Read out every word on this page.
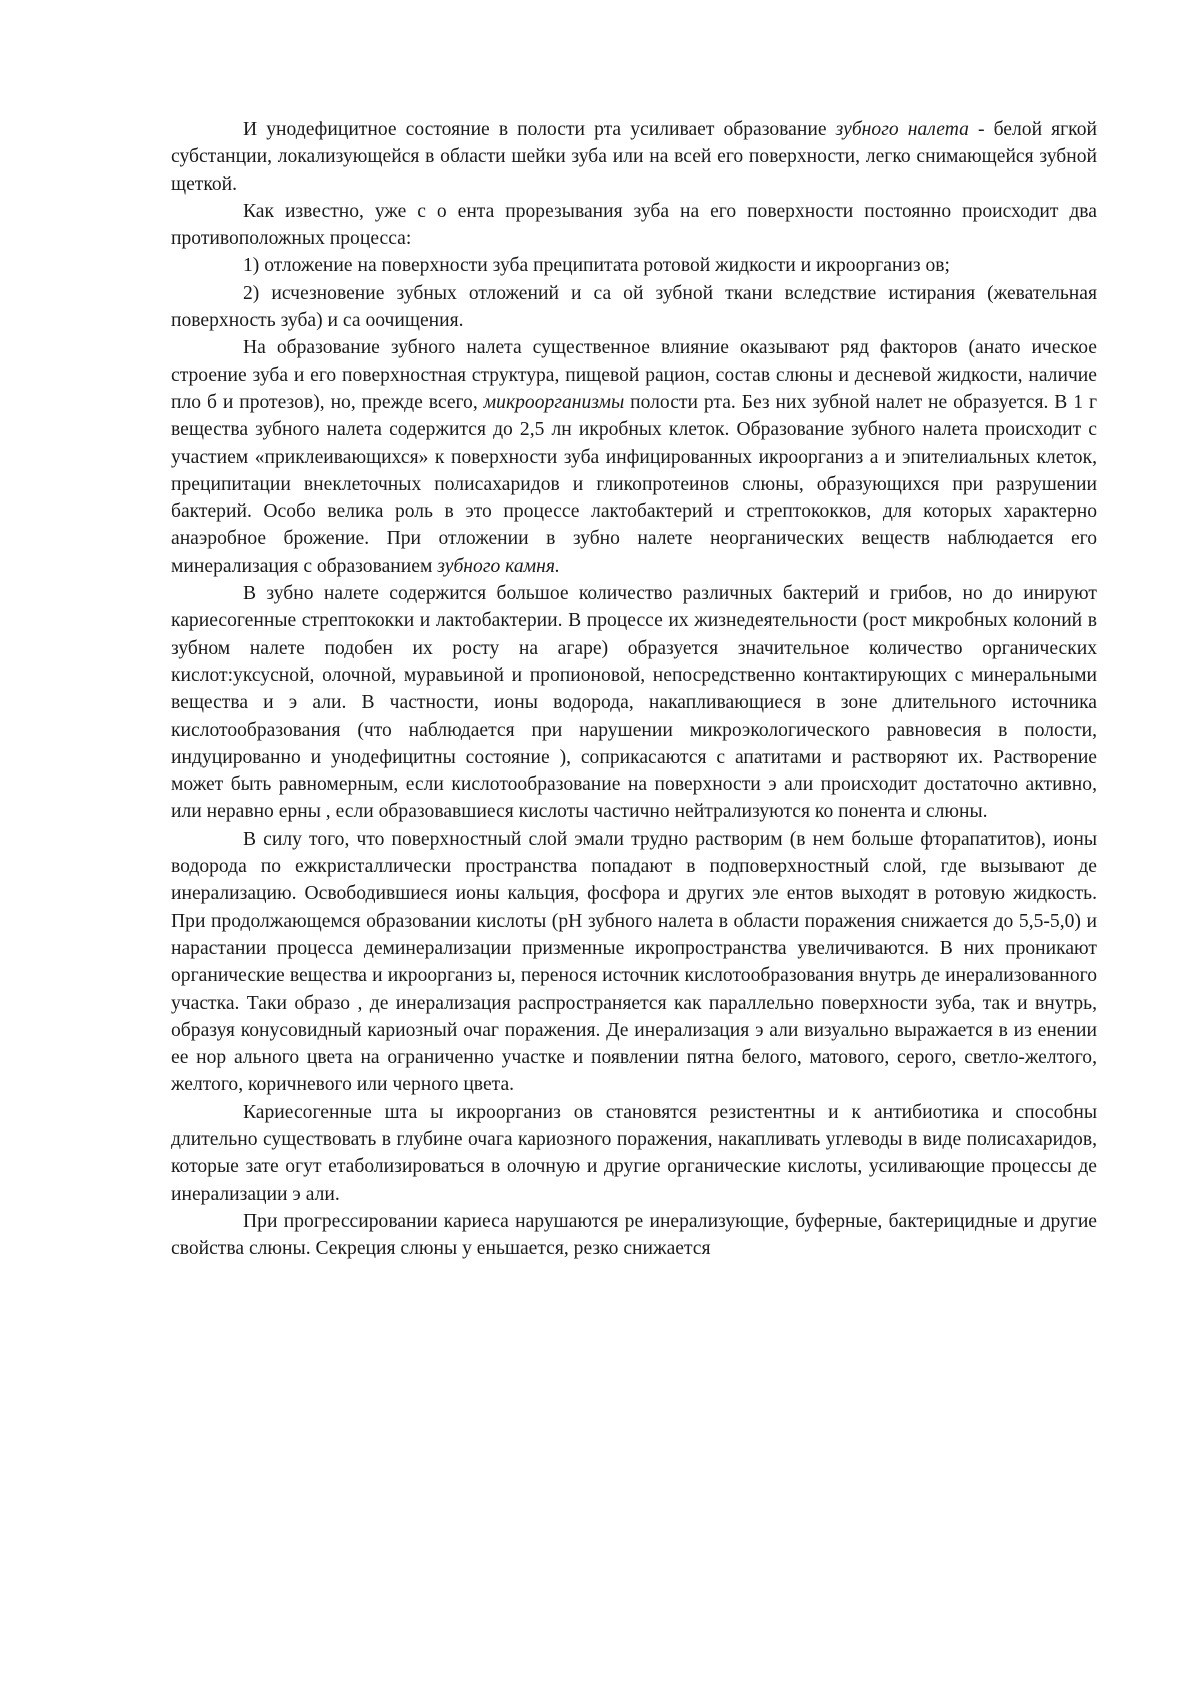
И унодефицитное состояние в полости рта усиливает образование зубного налета - белой ягкой субстанции, локализующейся в области шейки зуба или на всей его поверхности, легко снимающейся зубной щеткой.

Как известно, уже с о ента прорезывания зуба на его поверхности постоянно происходит два противоположных процесса:

1) отложение на поверхности зуба преципитата ротовой жидкости и икроорганиз ов;

2) исчезновение зубных отложений и са ой зубной ткани вследствие истирания (жевательная поверхность зуба) и са оочищения.

На образование зубного налета существенное влияние оказывают ряд факторов (анато ическое строение зуба и его поверхностная структура, пищевой рацион, состав слюны и десневой жидкости, наличие пло б и протезов), но, прежде всего, микроорганизмы полости рта. Без них зубной налет не образуется. В 1 г вещества зубного налета содержится до 2,5 лн икробных клеток. Образование зубного налета происходит с участием «приклеивающихся» к поверхности зуба инфицированных икроорганиз а и эпителиальных клеток, преципитации внеклеточных полисахаридов и гликопротеинов слюны, образующихся при разрушении бактерий. Особо велика роль в это процессе лактобактерий и стрептококков, для которых характерно анаэробное брожение. При отложении в зубно налете неорганических веществ наблюдается его минерализация с образованием зубного камня.

В зубно налете содержится большое количество различных бактерий и грибов, но до инируют кариесогенные стрептококки и лактобактерии. В процессе их жизнедеятельности (рост микробных колоний в зубном налете подобен их росту на агаре) образуется значительное количество органических кислот:уксусной, олочной, муравьиной и пропионовой, непосредственно контактирующих с минеральными вещества и э али. В частности, ионы водорода, накапливающиеся в зоне длительного источника кислотообразования (что наблюдается при нарушении микроэкологического равновесия в полости, индуцированно и унодефицитны состояние ), соприкасаются с апатитами и растворяют их. Растворение может быть равномерным, если кислотообразование на поверхности э али происходит достаточно активно, или неравно ерны , если образовавшиеся кислоты частично нейтрализуются ко понента и слюны.

В силу того, что поверхностный слой эмали трудно растворим (в нем больше фторапатитов), ионы водорода по ежкристаллически пространства попадают в подповерхностный слой, где вызывают де инерализацию. Освободившиеся ионы кальция, фосфора и других эле ентов выходят в ротовую жидкость. При продолжающемся образовании кислоты (pH зубного налета в области поражения снижается до 5,5-5,0) и нарастании процесса деминерализации призменные икропространства увеличиваются. В них проникают органические вещества и икроорганиз ы, перенося источник кислотообразования внутрь де инерализованного участка. Таки образо , де инерализация распространяется как параллельно поверхности зуба, так и внутрь, образуя конусовидный кариозный очаг поражения. Де инерализация э али визуально выражается в из енении ее нор ального цвета на ограниченно участке и появлении пятна белого, матового, серого, светло-желтого, желтого, коричневого или черного цвета.

Кариесогенные шта ы икроорганиз ов становятся резистентны и к антибиотика и способны длительно существовать в глубине очага кариозного поражения, накапливать углеводы в виде полисахаридов, которые зате огут етаболизироваться в олочную и другие органические кислоты, усиливающие процессы де инерализации э али.

При прогрессировании кариеса нарушаются ре инерализующие, буферные, бактерицидные и другие свойства слюны. Секреция слюны у еньшается, резко снижается
